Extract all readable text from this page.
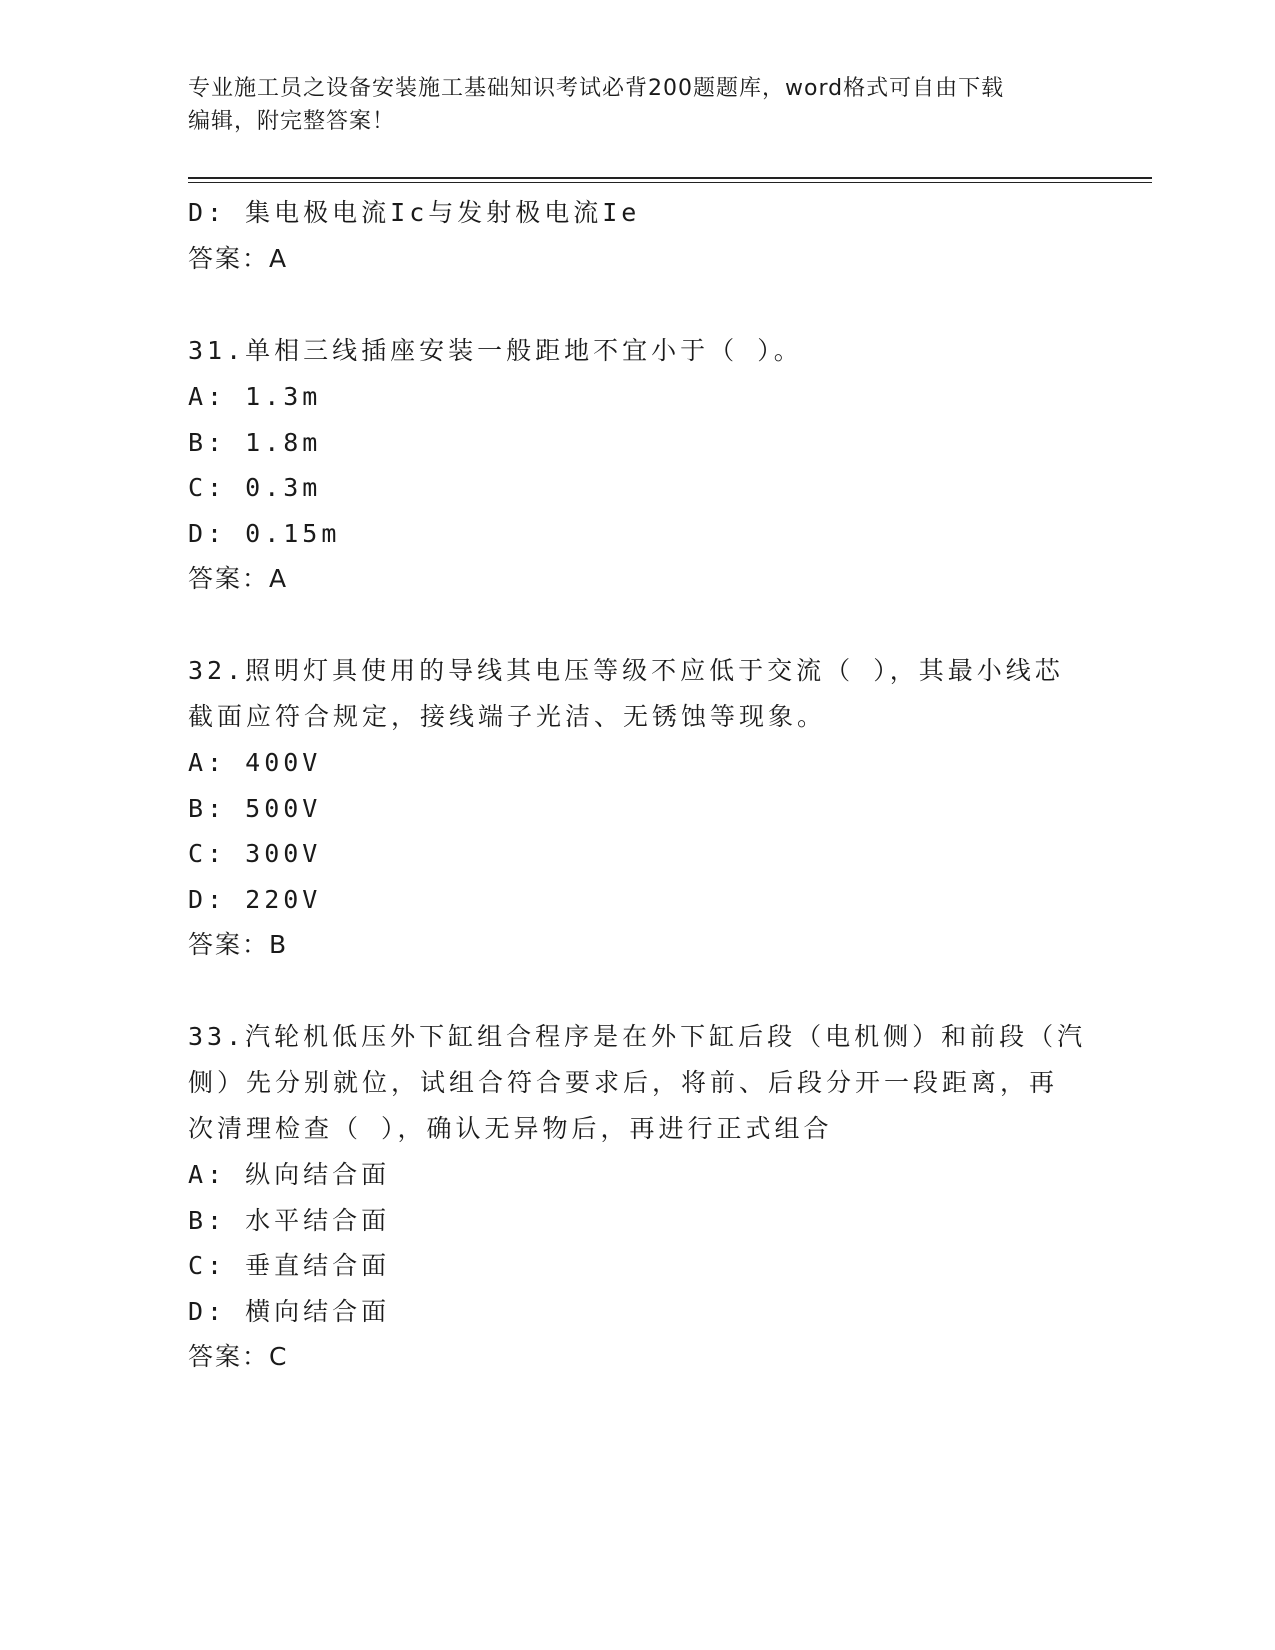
专业施工员之设备安装施工基础知识考试必背200题题库，word格式可自由下载
编辑，附完整答案！
D: 集电极电流Ic与发射极电流Ie
答案：A
31.单相三线插座安装一般距地不宜小于（ ）。
A: 1.3m
B: 1.8m
C: 0.3m
D: 0.15m
答案：A
32.照明灯具使用的导线其电压等级不应低于交流（ ），其最小线芯
截面应符合规定，接线端子光洁、无锈蚀等现象。
A: 400V
B: 500V
C: 300V
D: 220V
答案：B
33.汽轮机低压外下缸组合程序是在外下缸后段（电机侧）和前段（汽
侧）先分别就位，试组合符合要求后，将前、后段分开一段距离，再
次清理检查（ ），确认无异物后，再进行正式组合
A: 纵向结合面
B: 水平结合面
C: 垂直结合面
D: 横向结合面
答案：C
